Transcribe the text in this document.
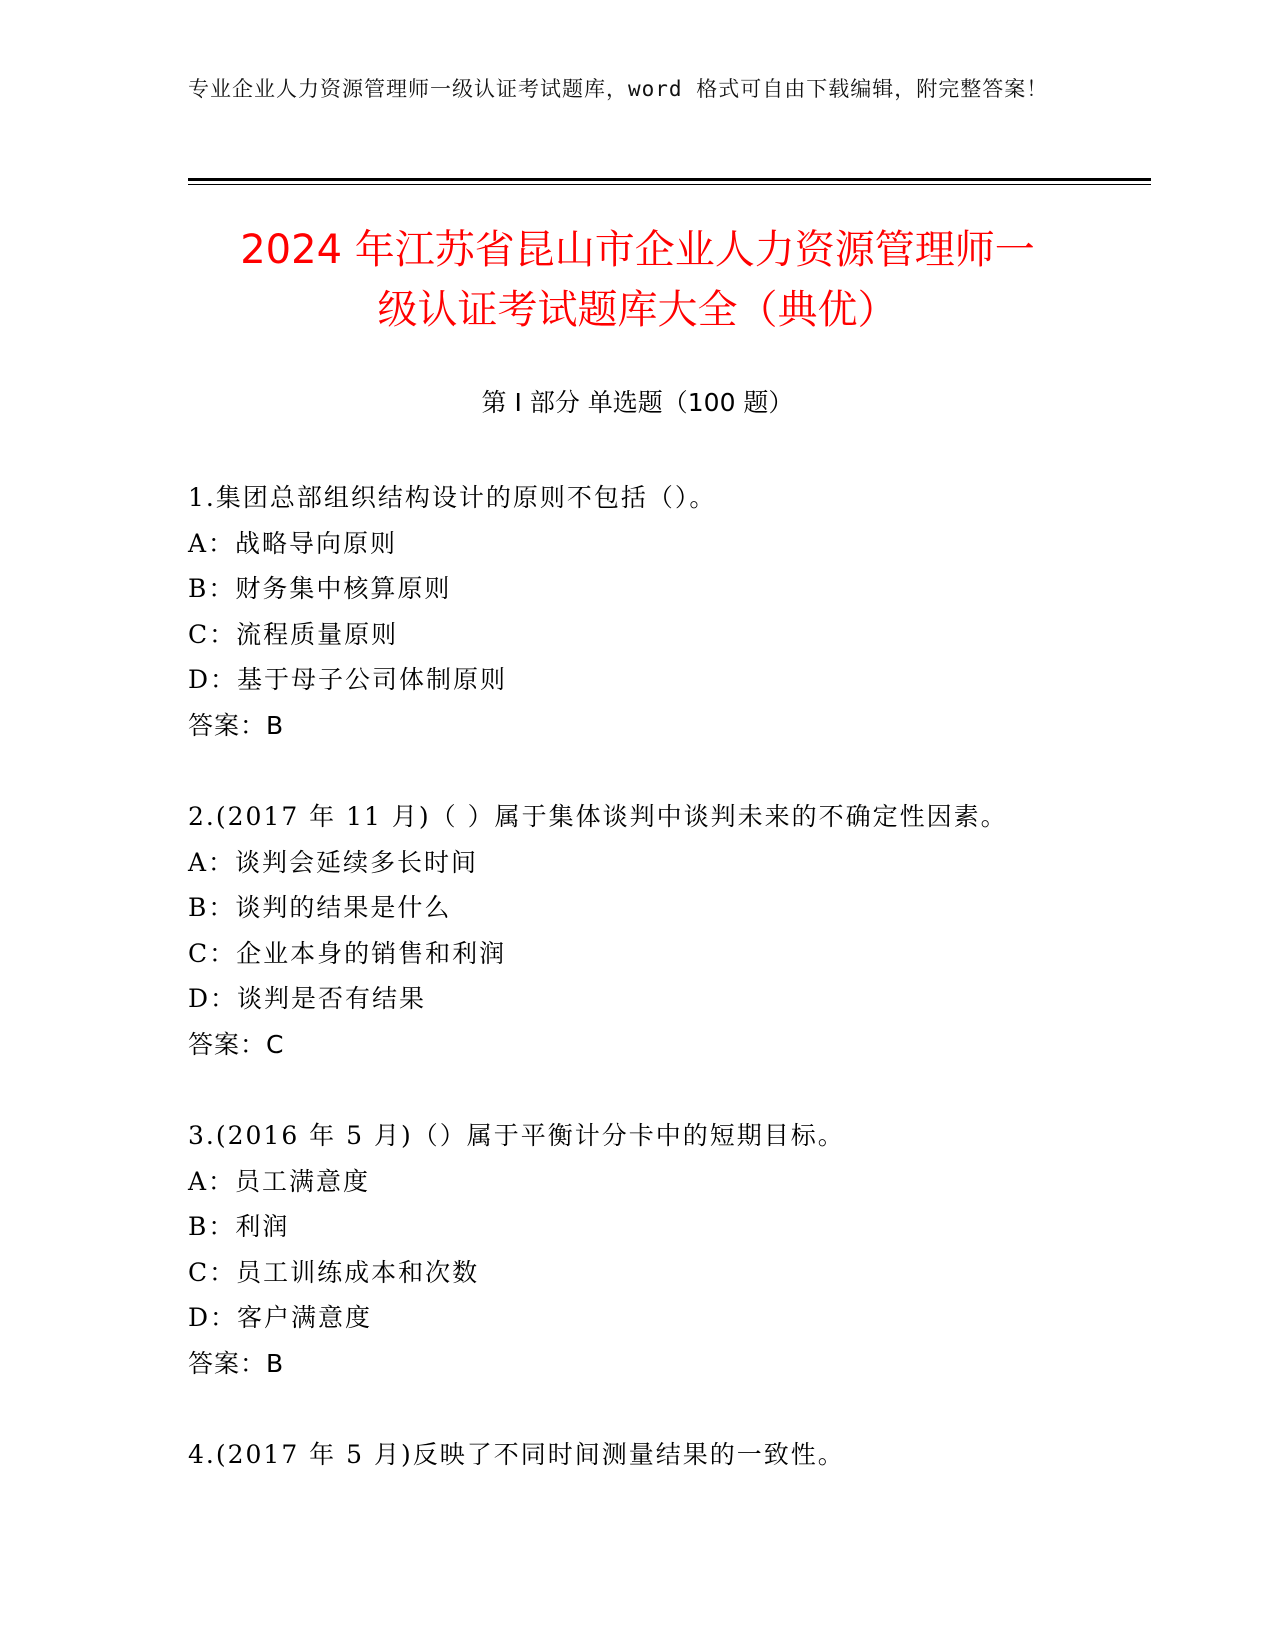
专业企业人力资源管理师一级认证考试题库，word 格式可自由下载编辑，附完整答案！
2024 年江苏省昆山市企业人力资源管理师一
级认证考试题库大全（典优）
第 I 部分 单选题（100 题）
1.集团总部组织结构设计的原则不包括（）。
A：战略导向原则
B：财务集中核算原则
C：流程质量原则
D：基于母子公司体制原则
答案：B
2.(2017 年 11 月)（ ）属于集体谈判中谈判未来的不确定性因素。
A：谈判会延续多长时间
B：谈判的结果是什么
C：企业本身的销售和利润
D：谈判是否有结果
答案：C
3.(2016 年 5 月)（）属于平衡计分卡中的短期目标。
A：员工满意度
B：利润
C：员工训练成本和次数
D：客户满意度
答案：B
4.(2017 年 5 月)反映了不同时间测量结果的一致性。
